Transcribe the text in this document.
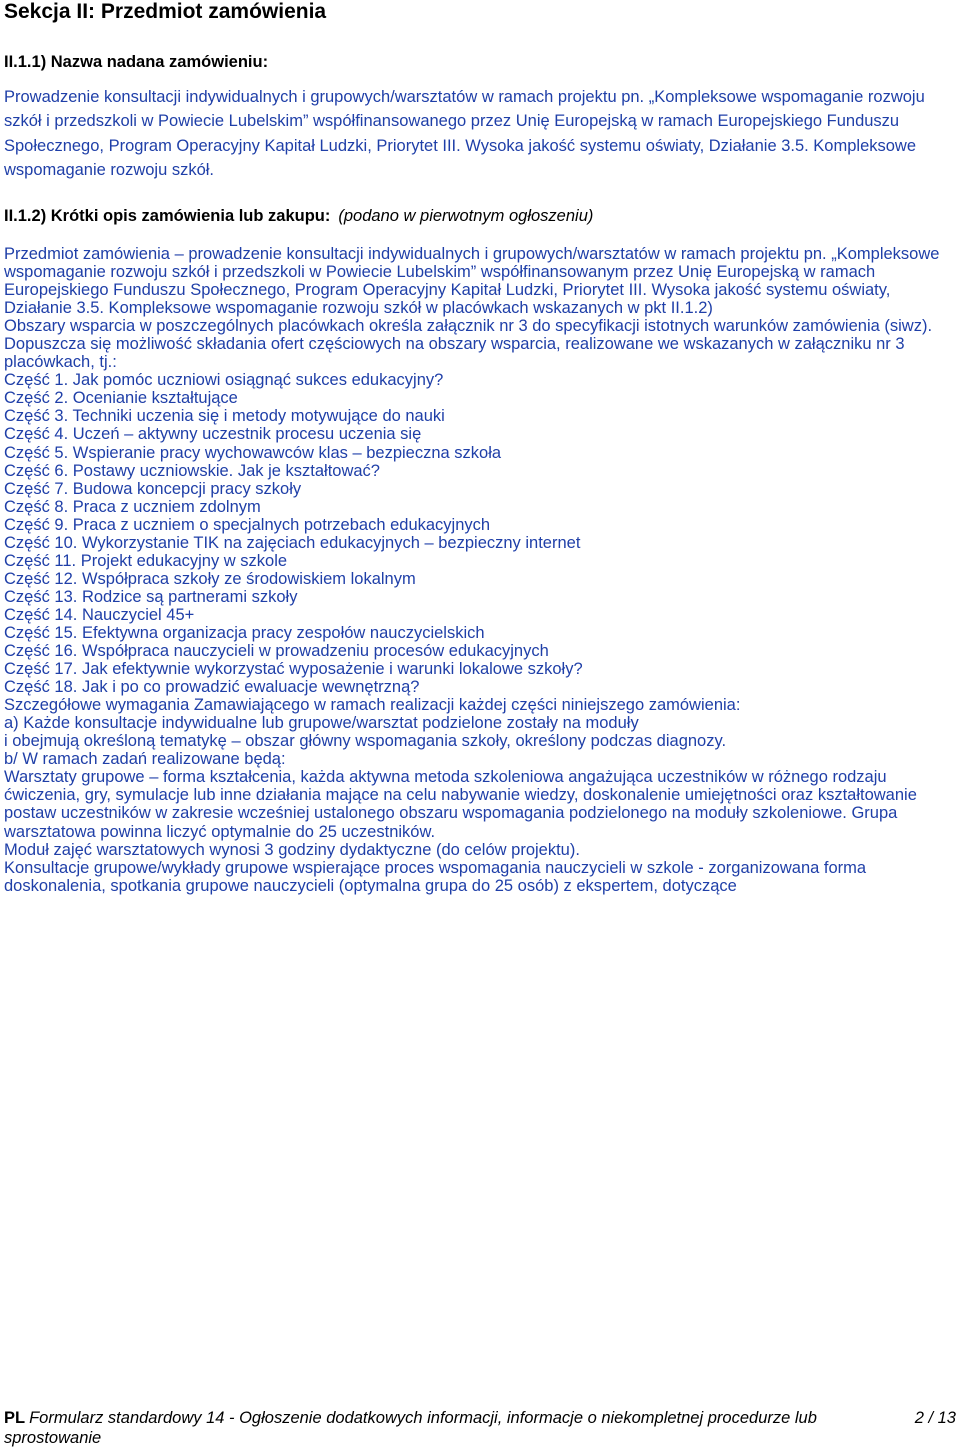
Sekcja II: Przedmiot zamówienia
II.1.1) Nazwa nadana zamówieniu:

Prowadzenie konsultacji indywidualnych i grupowych/warsztatów w ramach projektu pn. „Kompleksowe wspomaganie rozwoju szkół i przedszkoli w Powiecie Lubelskim” współfinansowanego przez Unię Europejską w ramach Europejskiego Funduszu Społecznego, Program Operacyjny Kapitał Ludzki, Priorytet III. Wysoka jakość systemu oświaty, Działanie 3.5. Kompleksowe wspomaganie rozwoju szkół.

II.1.2) Krótki opis zamówienia lub zakupu: (podano w pierwotnym ogłoszeniu)

Przedmiot zamówienia – prowadzenie konsultacji indywidualnych i grupowych/warsztatów w ramach projektu pn. „Kompleksowe wspomaganie rozwoju szkół i przedszkoli w Powiecie Lubelskim” współfinansowanym przez Unię Europejską w ramach Europejskiego Funduszu Społecznego, Program Operacyjny Kapitał Ludzki, Priorytet III. Wysoka jakość systemu oświaty, Działanie 3.5. Kompleksowe wspomaganie rozwoju szkół w placówkach wskazanych w pkt II.1.2)

Obszary wsparcia w poszczególnych placówkach określa załącznik nr 3 do specyfikacji istotnych warunków zamówienia (siwz).

Dopuszcza się możliwość składania ofert częściowych na obszary wsparcia, realizowane we wskazanych w załączniku nr 3 placówkach, tj.:

Część 1. Jak pomóc uczniowi osiągnąć sukces edukacyjny?

Część 2. Ocenianie kształtujące

Część 3. Techniki uczenia się i metody motywujące do nauki

Część 4. Uczeń – aktywny uczestnik procesu uczenia się

Część 5. Wspieranie pracy wychowawców klas – bezpieczna szkoła

Część 6. Postawy uczniowskie. Jak je kształtować?

Część 7. Budowa koncepcji pracy szkoły

Część 8. Praca z uczniem zdolnym

Część 9. Praca z uczniem o specjalnych potrzebach edukacyjnych

Część 10. Wykorzystanie TIK na zajęciach edukacyjnych – bezpieczny internet

Część 11. Projekt edukacyjny w szkole

Część 12. Współpraca szkoły ze środowiskiem lokalnym

Część 13. Rodzice są partnerami szkoły

Część 14. Nauczyciel 45+

Część 15. Efektywna organizacja pracy zespołów nauczycielskich

Część 16. Współpraca nauczycieli w prowadzeniu procesów edukacyjnych

Część 17. Jak efektywnie wykorzystać wyposażenie i warunki lokalowe szkoły?

Część 18. Jak i po co prowadzić ewaluacje wewnętrzną?

Szczegółowe wymagania Zamawiającego w ramach realizacji każdej części niniejszego zamówienia:

a) Każde konsultacje indywidualne lub grupowe/warsztat podzielone zostały na moduły

i obejmują określoną tematykę – obszar główny wspomagania szkoły, określony podczas diagnozy.

b/ W ramach zadań realizowane będą:

Warsztaty grupowe – forma kształcenia, każda aktywna metoda szkoleniowa angażująca uczestników w różnego rodzaju ćwiczenia, gry, symulacje lub inne działania mające na celu nabywanie wiedzy, doskonalenie umiejętności oraz kształtowanie postaw uczestników w zakresie wcześniej ustalonego obszaru wspomagania podzielonego na moduły szkoleniowe. Grupa warsztatowa powinna liczyć optymalnie do 25 uczestników.

Moduł zajęć warsztatowych wynosi 3 godziny dydaktyczne (do celów projektu).

Konsultacje grupowe/wykłady grupowe wspierające proces wspomagania nauczycieli w szkole - zorganizowana forma doskonalenia, spotkania grupowe nauczycieli (optymalna grupa do 25 osób) z ekspertem, dotyczące

PL Formularz standardowy 14 - Ogłoszenie dodatkowych informacji, informacje o niekompletnej procedurze lub sprostowanie
2 / 13
